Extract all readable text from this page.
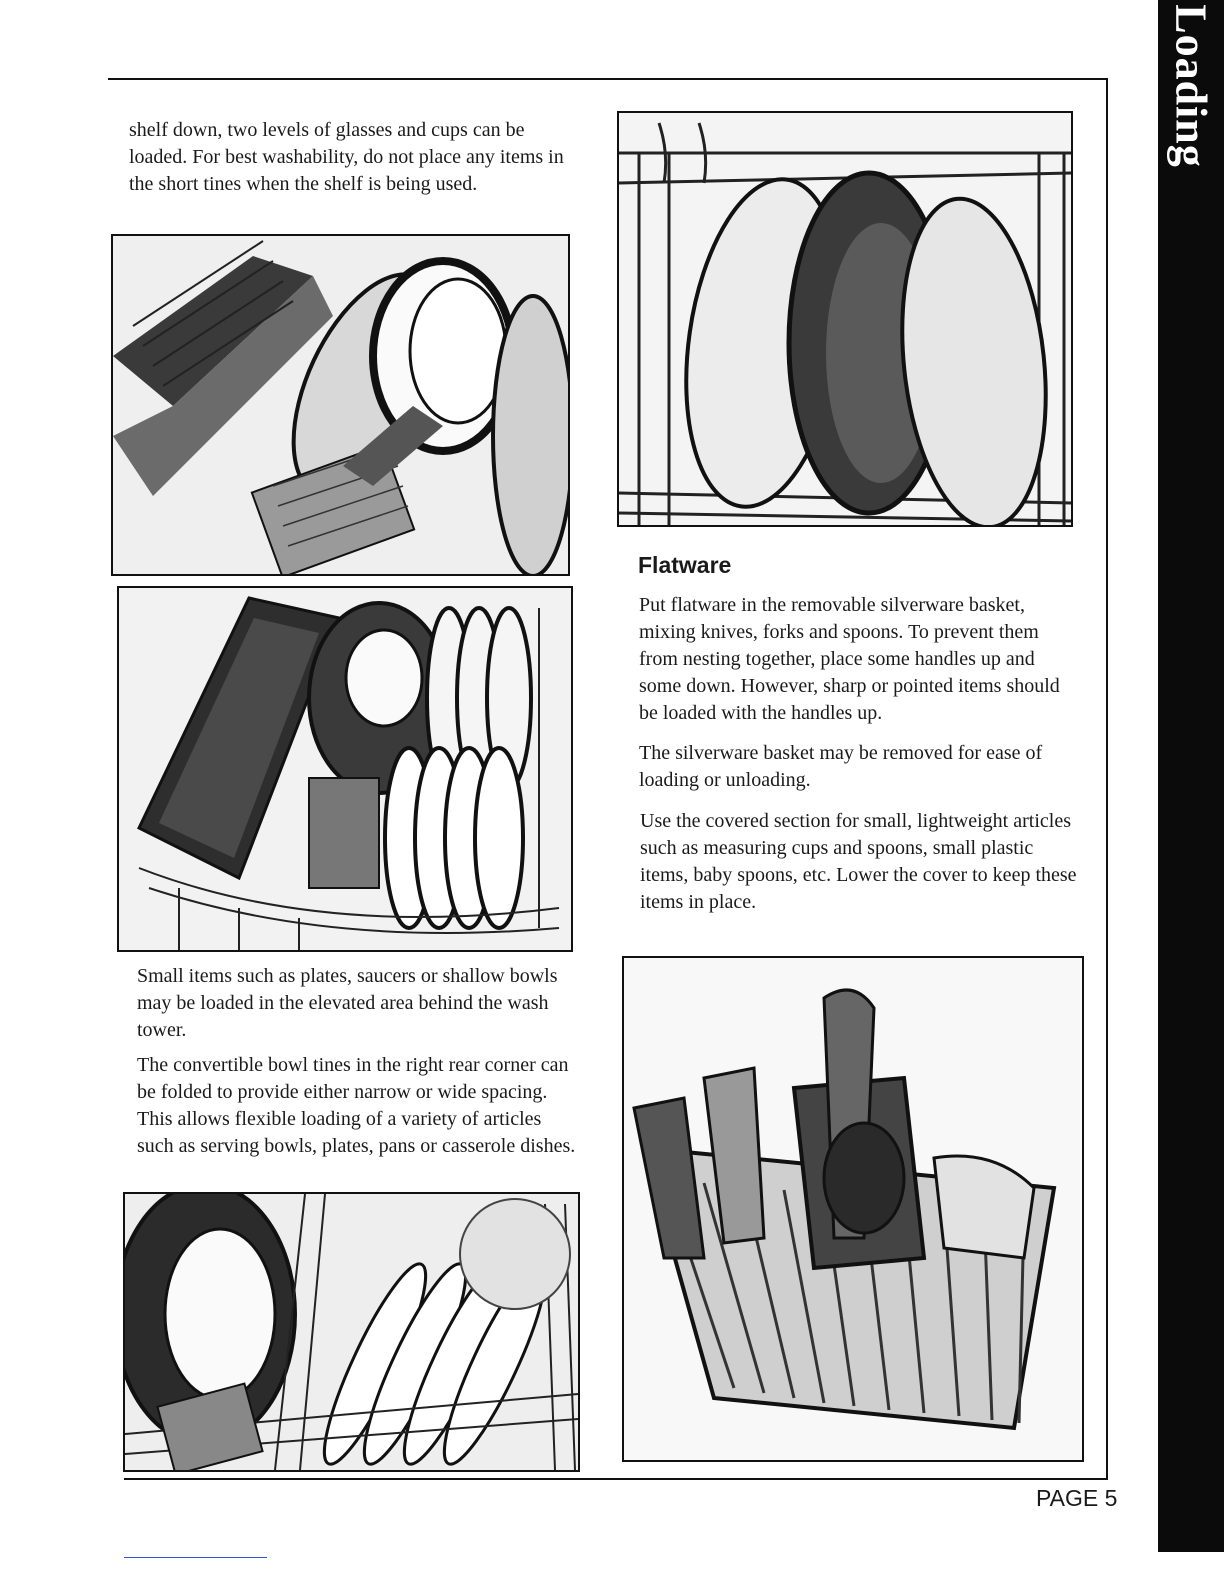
Loading

shelf down, two levels of glasses and cups can be loaded. For best washability, do not place any items in the short tines when the shelf is being used.

Small items such as plates, saucers or shallow bowls may be loaded in the elevated area behind the wash tower.

The convertible bowl tines in the right rear corner can be folded to provide either narrow or wide spacing. This allows flexible loading of a variety of articles such as serving bowls, plates, pans or casserole dishes.

Flatware

Put flatware in the removable silverware basket, mixing knives, forks and spoons. To prevent them from nesting together, place some handles up and some down. However, sharp or pointed items should be loaded with the handles up.

The silverware basket may be removed for ease of loading or unloading.

Use the covered section for small, lightweight articles such as measuring cups and spoons, small plastic items, baby spoons, etc. Lower the cover to keep these items in place.

PAGE 5
